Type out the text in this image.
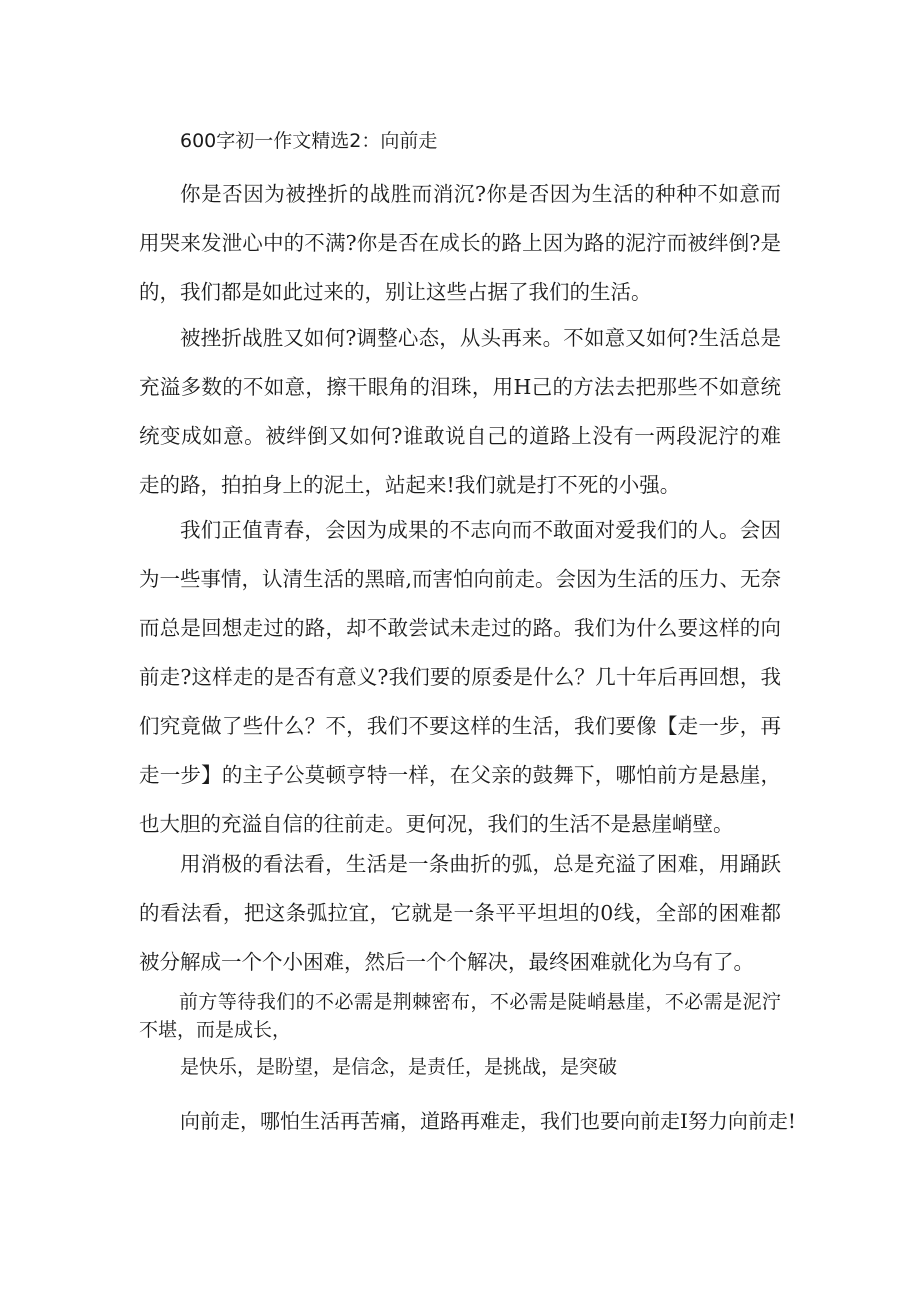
600字初一作文精选2：向前走

你是否因为被挫折的战胜而消沉?你是否因为生活的种种不如意而用哭来发泄心中的不满?你是否在成长的路上因为路的泥泞而被绊倒?是的，我们都是如此过来的，别让这些占据了我们的生活。

被挫折战胜又如何?调整心态，从头再来。不如意又如何?生活总是充溢多数的不如意，擦干眼角的泪珠，用H己的方法去把那些不如意统统变成如意。被绊倒又如何?谁敢说自己的道路上没有一两段泥泞的难走的路，拍拍身上的泥土，站起来!我们就是打不死的小强。

我们正值青春，会因为成果的不志向而不敢面对爱我们的人。会因为一些事情，认清生活的黑暗,而害怕向前走。会因为生活的压力、无奈而总是回想走过的路，却不敢尝试未走过的路。我们为什么要这样的向前走?这样走的是否有意义?我们要的原委是什么？几十年后再回想，我们究竟做了些什么？不，我们不要这样的生活，我们要像【走一步，再走一步】的主子公莫顿亨特一样，在父亲的鼓舞下，哪怕前方是悬崖，也大胆的充溢自信的往前走。更何况，我们的生活不是悬崖峭壁。

用消极的看法看，生活是一条曲折的弧，总是充溢了困难，用踊跃的看法看，把这条弧拉宜，它就是一条平平坦坦的0线，全部的困难都被分解成一个个小困难，然后一个个解决，最终困难就化为乌有了。

前方等待我们的不必需是荆棘密布，不必需是陡峭悬崖，不必需是泥泞不堪，而是成长，

是快乐，是盼望，是信念，是责任，是挑战，是突破

向前走，哪怕生活再苦痛，道路再难走，我们也要向前走I努力向前走!
